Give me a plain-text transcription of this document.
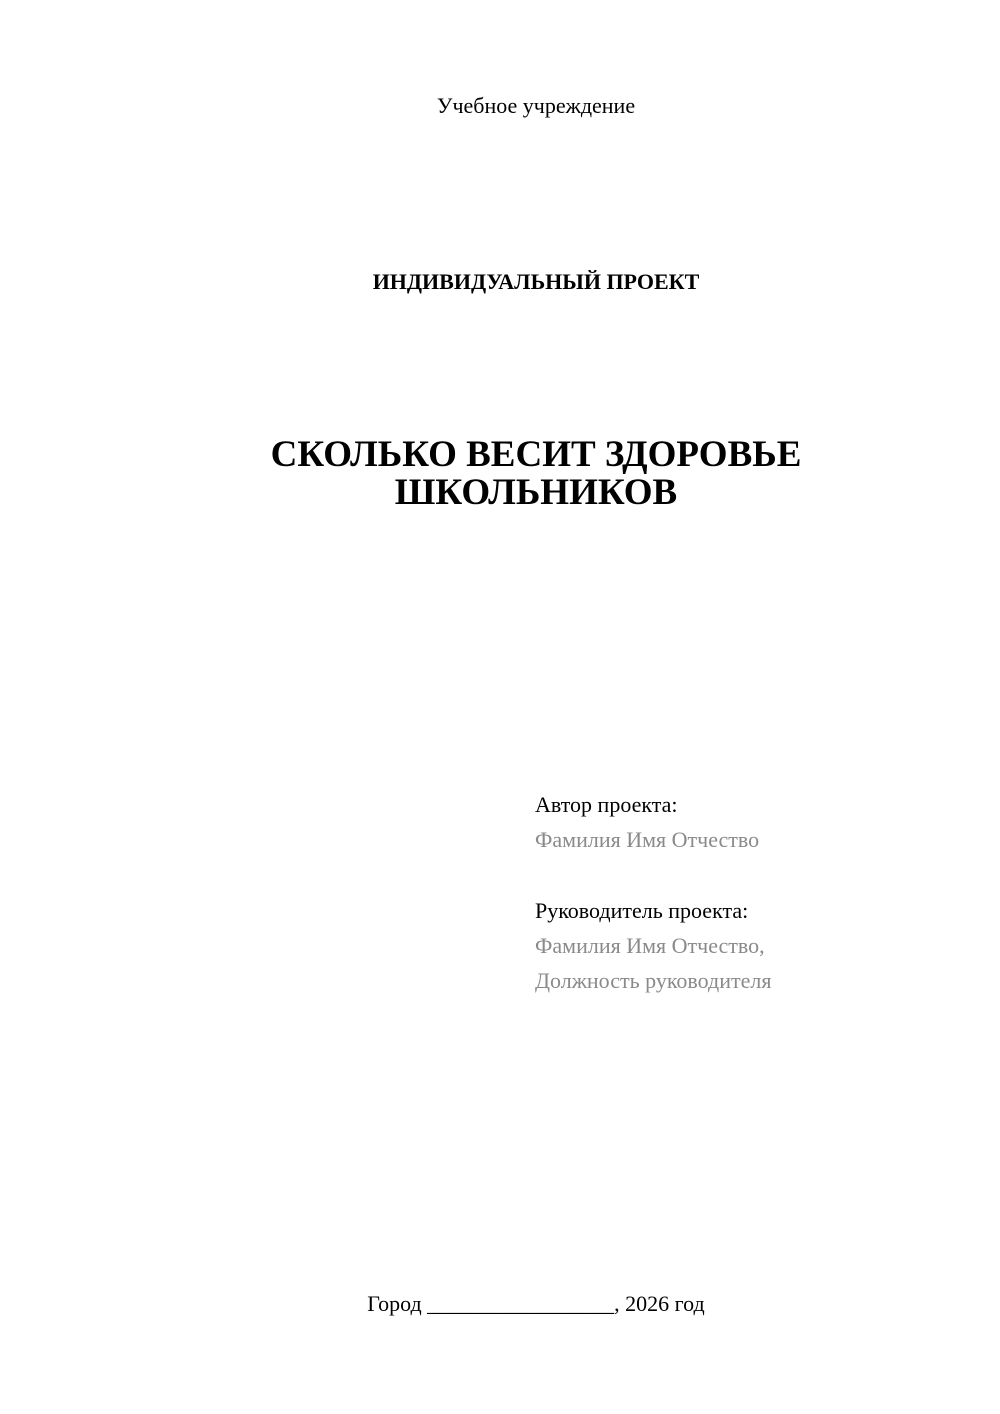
Учебное учреждение
ИНДИВИДУАЛЬНЫЙ ПРОЕКТ
СКОЛЬКО ВЕСИТ ЗДОРОВЬЕ
ШКОЛЬНИКОВ
Автор проекта:
Фамилия Имя Отчество
Руководитель проекта:
Фамилия Имя Отчество,
Должность руководителя
Город _________________, 2026 год
